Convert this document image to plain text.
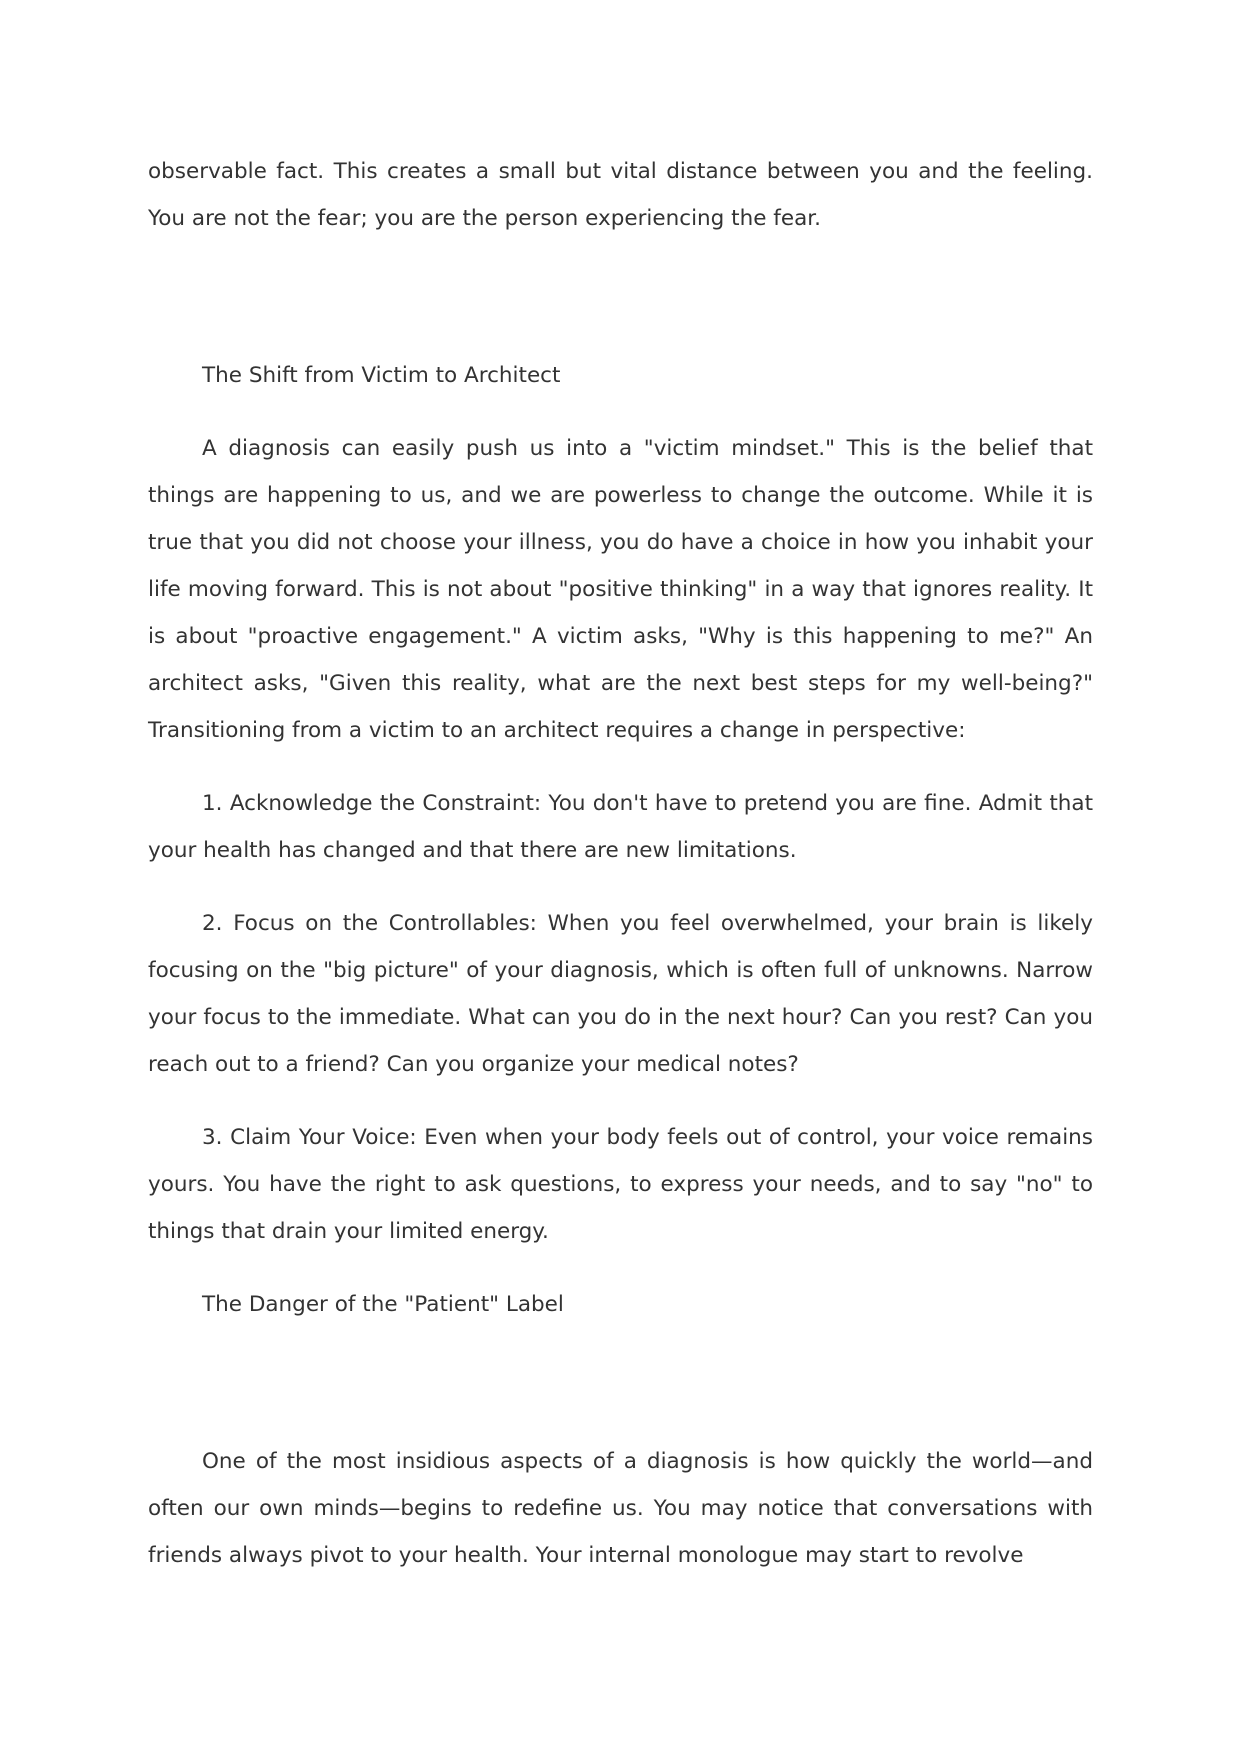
observable fact. This creates a small but vital distance between you and the feeling. You are not the fear; you are the person experiencing the fear.

The Shift from Victim to Architect

A diagnosis can easily push us into a "victim mindset." This is the belief that things are happening to us, and we are powerless to change the outcome. While it is true that you did not choose your illness, you do have a choice in how you inhabit your life moving forward. This is not about "positive thinking" in a way that ignores reality. It is about "proactive engagement." A victim asks, "Why is this happening to me?" An architect asks, "Given this reality, what are the next best steps for my well-being?" Transitioning from a victim to an architect requires a change in perspective:

1. Acknowledge the Constraint: You don't have to pretend you are fine. Admit that your health has changed and that there are new limitations.

2. Focus on the Controllables: When you feel overwhelmed, your brain is likely focusing on the "big picture" of your diagnosis, which is often full of unknowns. Narrow your focus to the immediate. What can you do in the next hour? Can you rest? Can you reach out to a friend? Can you organize your medical notes?

3. Claim Your Voice: Even when your body feels out of control, your voice remains yours. You have the right to ask questions, to express your needs, and to say "no" to things that drain your limited energy.

The Danger of the "Patient" Label

One of the most insidious aspects of a diagnosis is how quickly the world—and often our own minds—begins to redefine us. You may notice that conversations with friends always pivot to your health. Your internal monologue may start to revolve
